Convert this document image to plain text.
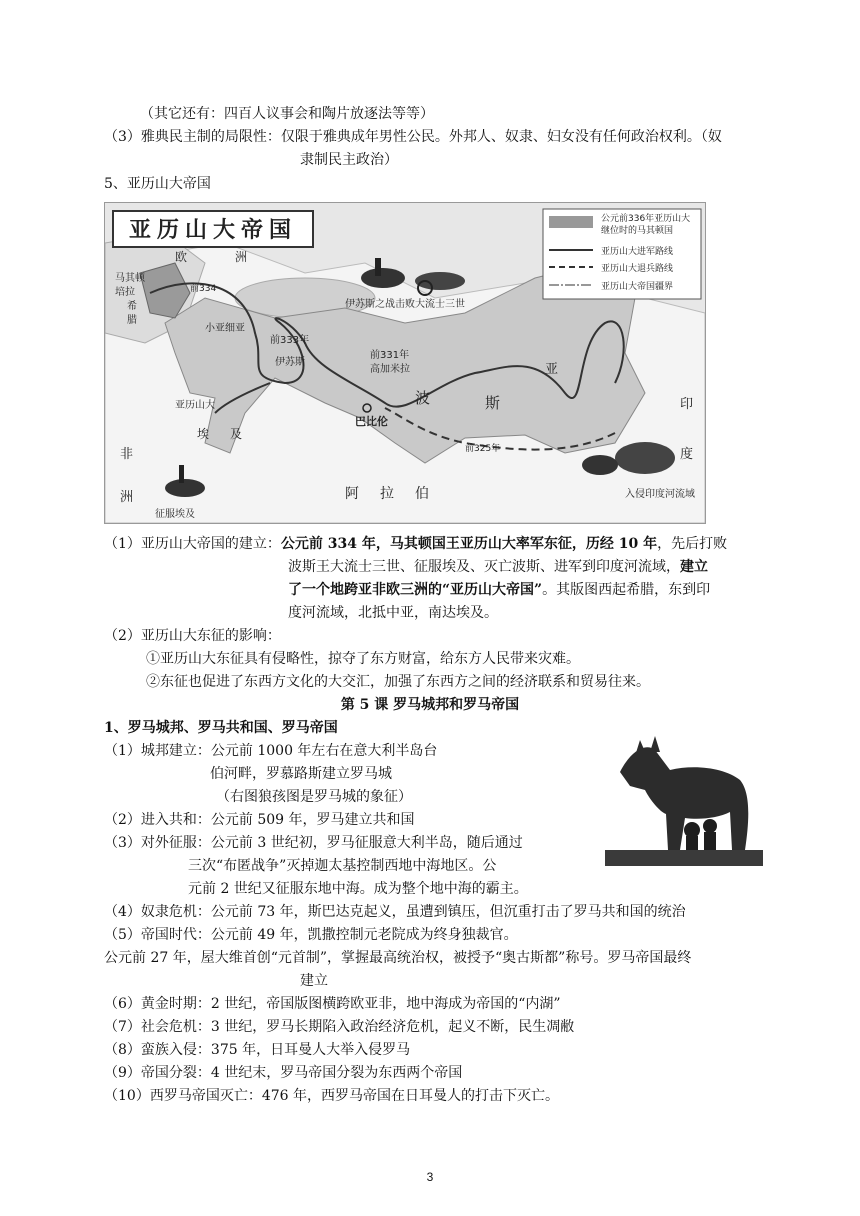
（其它还有：四百人议事会和陶片放逐法等等）
（3）雅典民主制的局限性：仅限于雅典成年男性公民。外邦人、奴隶、妇女没有任何政治权利。（奴
隶制民主政治）
5、亚历山大帝国
亚历山大帝国	公元前336年亚历山大
继位时的马其顿国
亚历山大进军路线
亚历山大退兵路线
亚历山大帝国疆界
欧	洲
马其顿
培拉
希
腊
前334
小亚细亚
前333年
伊苏斯
前331年
高加米拉
巴比伦
波	斯
亚
亚历山大
埃 及
非
洲	阿 拉 伯
印
度
前325年
伊苏斯之战击败大流士三世
征服埃及
入侵印度河流域
（1）亚历山大帝国的建立：公元前 334 年，马其顿国王亚历山大率军东征，历经 10 年，先后打败
波斯王大流士三世、征服埃及、灭亡波斯、进军到印度河流域，建立
了一个地跨亚非欧三洲的“亚历山大帝国”。其版图西起希腊，东到印
度河流域，北抵中亚，南达埃及。
（2）亚历山大东征的影响：
①亚历山大东征具有侵略性，掠夺了东方财富，给东方人民带来灾难。
②东征也促进了东西方文化的大交汇，加强了东西方之间的经济联系和贸易往来。
第 5 课 罗马城邦和罗马帝国
1、罗马城邦、罗马共和国、罗马帝国
（1）城邦建立：公元前 1000 年左右在意大利半岛台
伯河畔，罗慕路斯建立罗马城
（右图狼孩图是罗马城的象征）
（2）进入共和：公元前 509 年，罗马建立共和国
（3）对外征服：公元前 3 世纪初，罗马征服意大利半岛，随后通过
三次“布匿战争”灭掉迦太基控制西地中海地区。公
元前 2 世纪又征服东地中海。成为整个地中海的霸主。
（4）奴隶危机：公元前 73 年，斯巴达克起义，虽遭到镇压，但沉重打击了罗马共和国的统治
（5）帝国时代：公元前 49 年，凯撒控制元老院成为终身独裁官。
公元前 27 年，屋大维首创“元首制”，掌握最高统治权，被授予“奥古斯都”称号。罗马帝国最终
建立
（6）黄金时期：2 世纪，帝国版图横跨欧亚非，地中海成为帝国的“内湖”
（7）社会危机：3 世纪，罗马长期陷入政治经济危机，起义不断，民生凋敝
（8）蛮族入侵：375 年，日耳曼人大举入侵罗马
（9）帝国分裂：4 世纪末，罗马帝国分裂为东西两个帝国
（10）西罗马帝国灭亡：476 年，西罗马帝国在日耳曼人的打击下灭亡。
3
